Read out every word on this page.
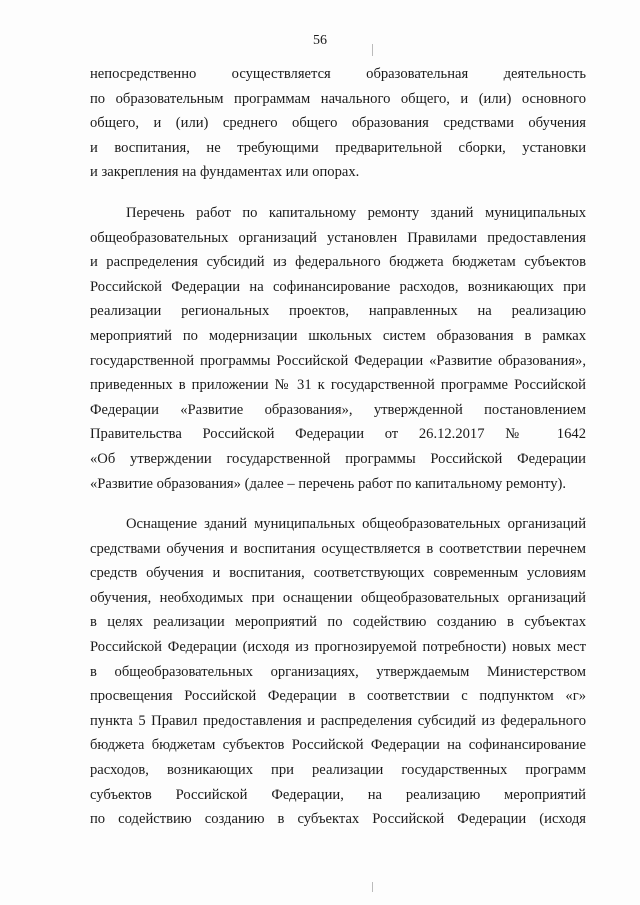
56
непосредственно осуществляется образовательная деятельность
по образовательным программам начального общего, и (или) основного
общего, и (или) среднего общего образования средствами обучения
и воспитания, не требующими предварительной сборки, установки
и закрепления на фундаментах или опорах.
Перечень работ по капитальному ремонту зданий муниципальных
общеобразовательных организаций установлен Правилами предоставления
и распределения субсидий из федерального бюджета бюджетам субъектов
Российской Федерации на софинансирование расходов, возникающих при
реализации региональных проектов, направленных на реализацию
мероприятий по модернизации школьных систем образования в рамках
государственной программы Российской Федерации «Развитие образования»,
приведенных в приложении № 31 к государственной программе Российской
Федерации «Развитие образования», утвержденной постановлением
Правительства Российской Федерации от 26.12.2017 № 1642
«Об утверждении государственной программы Российской Федерации
«Развитие образования» (далее – перечень работ по капитальному ремонту).
Оснащение зданий муниципальных общеобразовательных организаций
средствами обучения и воспитания осуществляется в соответствии перечнем
средств обучения и воспитания, соответствующих современным условиям
обучения, необходимых при оснащении общеобразовательных организаций
в целях реализации мероприятий по содействию созданию в субъектах
Российской Федерации (исходя из прогнозируемой потребности) новых мест
в общеобразовательных организациях, утверждаемым Министерством
просвещения Российской Федерации в соответствии с подпунктом «г»
пункта 5 Правил предоставления и распределения субсидий из федерального
бюджета бюджетам субъектов Российской Федерации на софинансирование
расходов, возникающих при реализации государственных программ
субъектов Российской Федерации, на реализацию мероприятий
по содействию созданию в субъектах Российской Федерации (исходя
